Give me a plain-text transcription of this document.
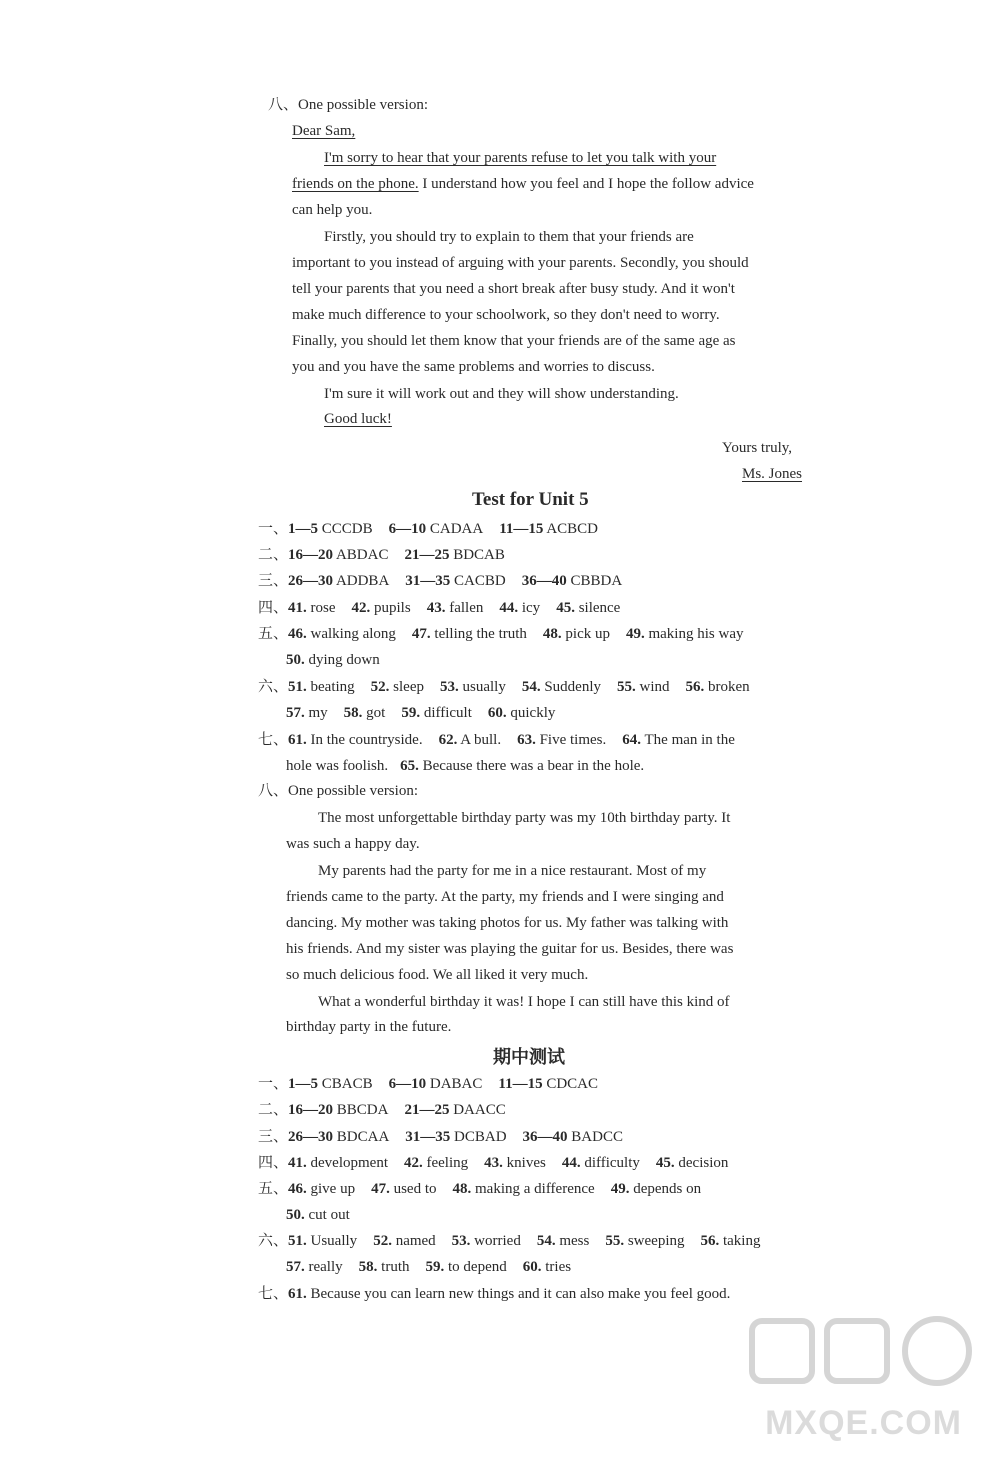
八、One possible version:
Dear Sam,
I'm sorry to hear that your parents refuse to let you talk with your
friends on the phone. I understand how you feel and I hope the follow advice
can help you.
Firstly, you should try to explain to them that your friends are
important to you instead of arguing with your parents. Secondly, you should
tell your parents that you need a short break after busy study. And it won't
make much difference to your schoolwork, so they don't need to worry.
Finally, you should let them know that your friends are of the same age as
you and you have the same problems and worries to discuss.
I'm sure it will work out and they will show understanding.
Good luck!
Yours truly,
Ms. Jones
Test for Unit 5
一、1—5 CCCDB 6—10 CADAA 11—15 ACBCD
二、16—20 ABDAC 21—25 BDCAB
三、26—30 ADDBA 31—35 CACBD 36—40 CBBDA
四、41. rose 42. pupils 43. fallen 44. icy 45. silence
五、46. walking along 47. telling the truth 48. pick up 49. making his way
50. dying down
六、51. beating 52. sleep 53. usually 54. Suddenly 55. wind 56. broken
57. my 58. got 59. difficult 60. quickly
七、61. In the countryside. 62. A bull. 63. Five times. 64. The man in the
hole was foolish. 65. Because there was a bear in the hole.
八、One possible version:
The most unforgettable birthday party was my 10th birthday party. It
was such a happy day.
My parents had the party for me in a nice restaurant. Most of my
friends came to the party. At the party, my friends and I were singing and
dancing. My mother was taking photos for us. My father was talking with
his friends. And my sister was playing the guitar for us. Besides, there was
so much delicious food. We all liked it very much.
What a wonderful birthday it was! I hope I can still have this kind of
birthday party in the future.
期中测试
一、1—5 CBACB 6—10 DABAC 11—15 CDCAC
二、16—20 BBCDA 21—25 DAACC
三、26—30 BDCAA 31—35 DCBAD 36—40 BADCC
四、41. development 42. feeling 43. knives 44. difficulty 45. decision
五、46. give up 47. used to 48. making a difference 49. depends on
50. cut out
六、51. Usually 52. named 53. worried 54. mess 55. sweeping 56. taking
57. really 58. truth 59. to depend 60. tries
七、61. Because you can learn new things and it can also make you feel good.
MXQE.COM
